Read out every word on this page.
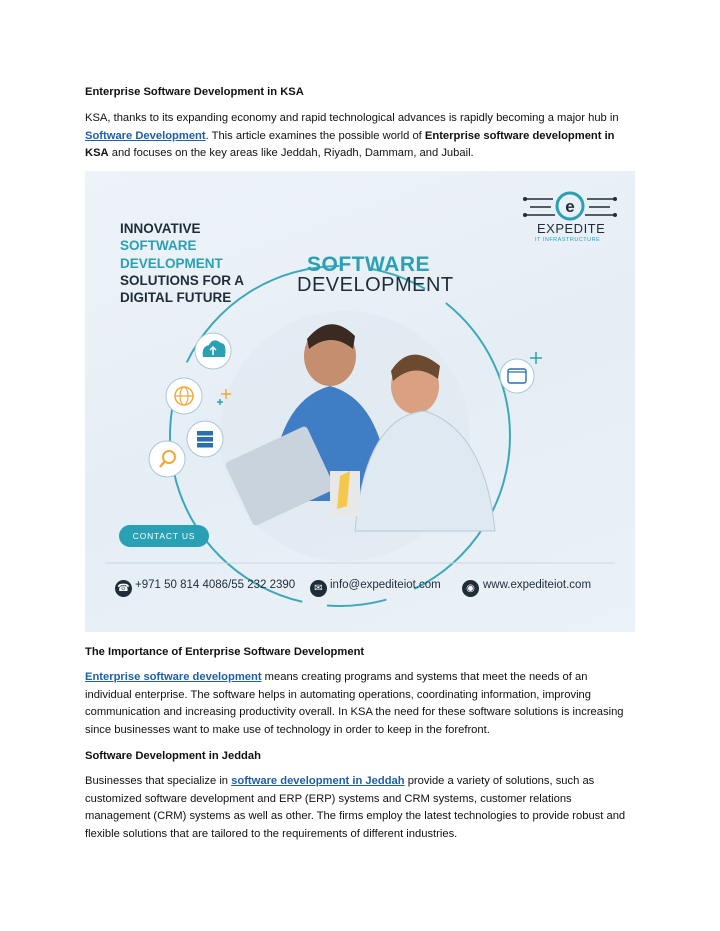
Enterprise Software Development in KSA

KSA, thanks to its expanding economy and rapid technological advances is rapidly becoming a major hub in Software Development. This article examines the possible world of Enterprise software development in KSA and focuses on the key areas like Jeddah, Riyadh, Dammam, and Jubail.

e
EXPEDITE
IT INFRASTRUCTURE
INNOVATIVE
SOFTWARE
DEVELOPMENT
SOLUTIONS FOR A
DIGITAL FUTURE
SOFTWARE
DEVELOPMENT
CONTACT US
☎ +971 50 814 4086/55 232 2390	✉ info@expediteiot.com	◉ www.expediteiot.com
The Importance of Enterprise Software Development

Enterprise software development means creating programs and systems that meet the needs of an individual enterprise. The software helps in automating operations, coordinating information, improving communication and increasing productivity overall. In KSA the need for these software solutions is increasing since businesses want to make use of technology in order to keep in the forefront.

Software Development in Jeddah

Businesses that specialize in software development in Jeddah provide a variety of solutions, such as customized software development and ERP (ERP) systems and CRM systems, customer relations management (CRM) systems as well as other. The firms employ the latest technologies to provide robust and flexible solutions that are tailored to the requirements of different industries.
